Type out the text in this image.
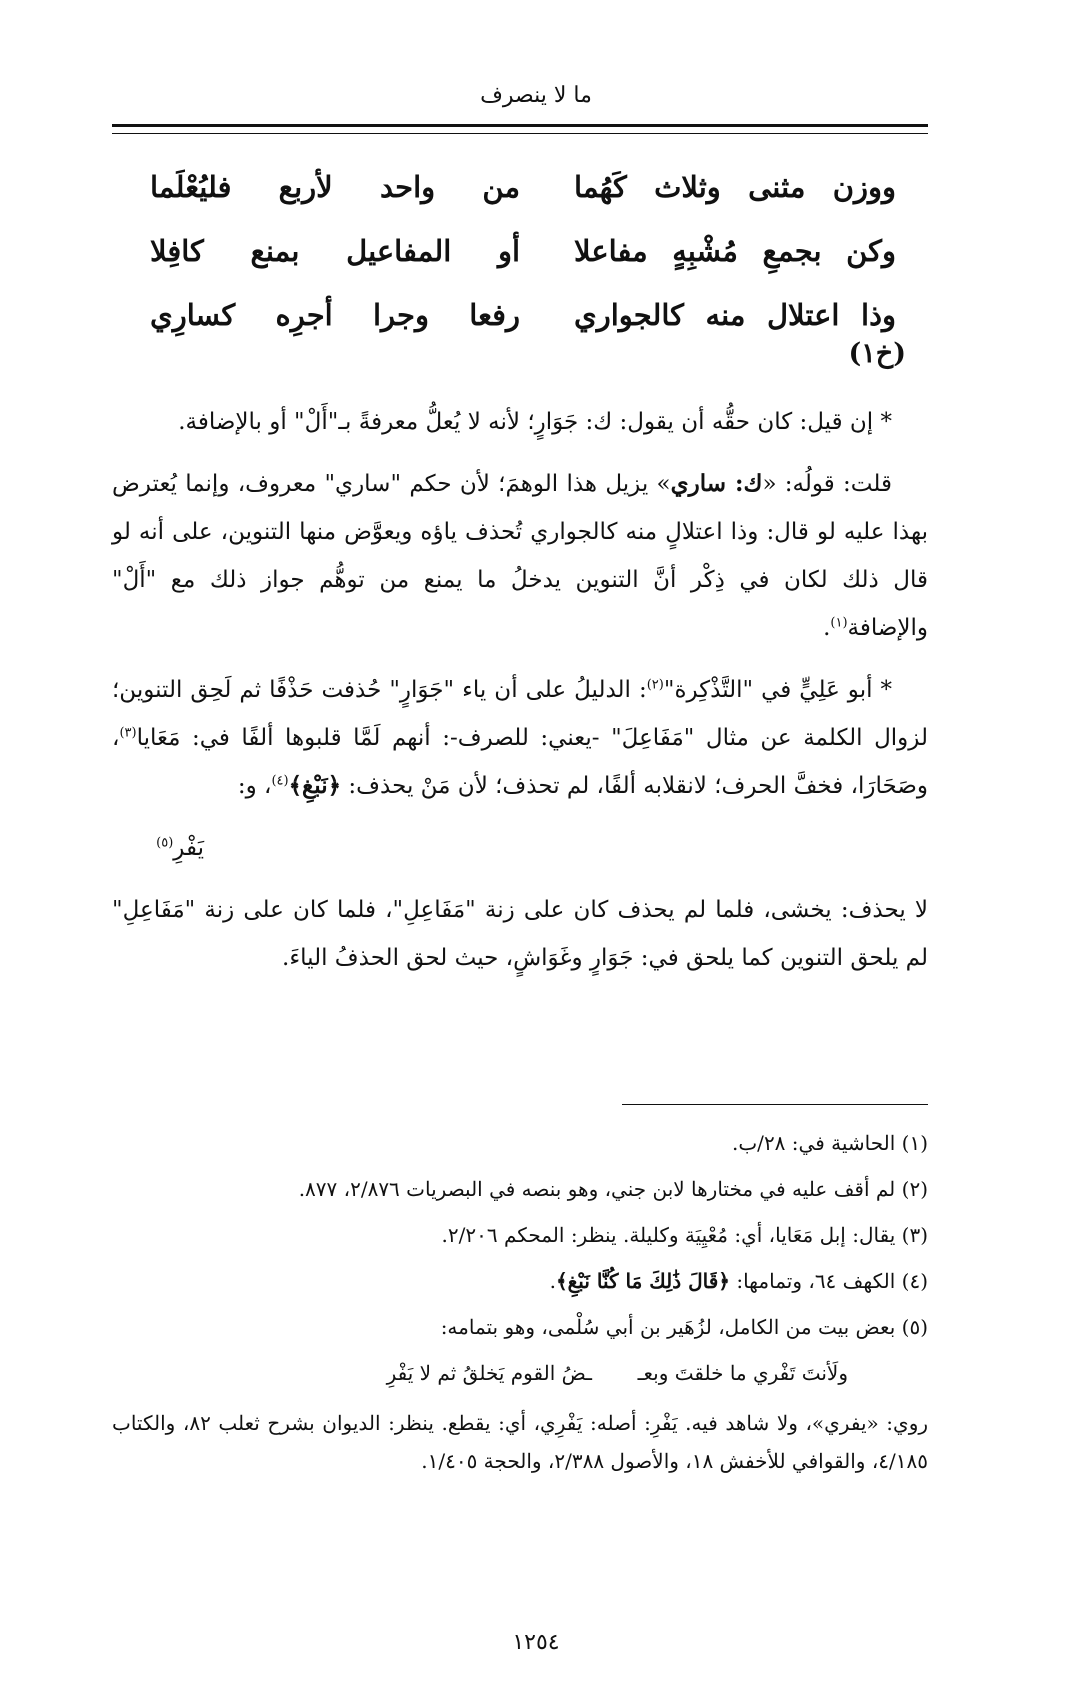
ما لا ينصرف
ووزن
مثنى
وثلاث
كَهُما
من
واحد
لأربع
فليُعْلَما
وكن
بجمعِ
مُشْبِهٍ
مفاعلا
أو
المفاعيل
بمنع
كافِلا
وذا
اعتلال
منه
كالجواري
رفعا
وجرا
أجرِه
كسارِي
(خ١)

* إن قيل: كان حقُّه أن يقول: ك: جَوَارٍ؛ لأنه لا يُعلُّ معرفةً بـ"أَلْ" أو بالإضافة.

قلت: قولُه: «ك: ساري» يزيل هذا الوهمَ؛ لأن حكم "ساري" معروف، وإنما يُعترض بهذا عليه لو قال: وذا اعتلالٍ منه كالجواري تُحذف ياؤه ويعوَّض منها التنوين، على أنه لو قال ذلك لكان في ذِكْر أنَّ التنوين يدخلُ ما يمنع من توهُّم جواز ذلك مع "أَلْ" والإضافة$^{(١)}$.

* أبو عَلِيٍّ في "التَّذْكِرة"$^{(٢)}$: الدليلُ على أن ياء "جَوَارٍ" حُذفت حَذْفًا ثم لَحِق التنوين؛ لزوال الكلمة عن مثال "مَفَاعِلَ" -يعني: للصرف-: أنهم لَمَّا قلبوها ألفًا في: مَعَايا$^{(٣)}$، وصَحَارَا، فخفَّ الحرف؛ لانقلابه ألفًا، لم تحذف؛ لأن مَنْ يحذف: ﴿نَبْغِ﴾$^{(٤)}$، و:

يَفْرِ$^{(٥)}$

لا يحذف: يخشى، فلما لم يحذف كان على زنة "مَفَاعِلِ"، فلما كان على زنة "مَفَاعِلِ" لم يلحق التنوين كما يلحق في: جَوَارٍ وغَوَاشٍ، حيث لحق الحذفُ الياءَ.

(١) الحاشية في: ٢٨/ب.

(٢) لم أقف عليه في مختارها لابن جني، وهو بنصه في البصريات ٢/٨٧٦، ٨٧٧.

(٣) يقال: إبل مَعَايا، أي: مُعْيِيَة وكليلة. ينظر: المحكم ٢/٢٠٦.

(٤) الكهف ٦٤، وتمامها: ﴿قَالَ ذَٰلِكَ مَا كُنَّا نَبْغِ﴾.

(٥) بعض بيت من الكامل، لزُهَير بن أبي سُلْمى، وهو بتمامه:

ولَأنتَ تَفْري ما خلقتَ وبعـ
ـضُ القوم يَخلقُ ثم لا يَفْرِ

روي: «يفري»، ولا شاهد فيه. يَفْرِ: أصله: يَفْرِي، أي: يقطع. ينظر: الديوان بشرح ثعلب ٨٢، والكتاب ٤/١٨٥، والقوافي للأخفش ١٨، والأصول ٢/٣٨٨، والحجة ١/٤٠٥.

١٢٥٤
